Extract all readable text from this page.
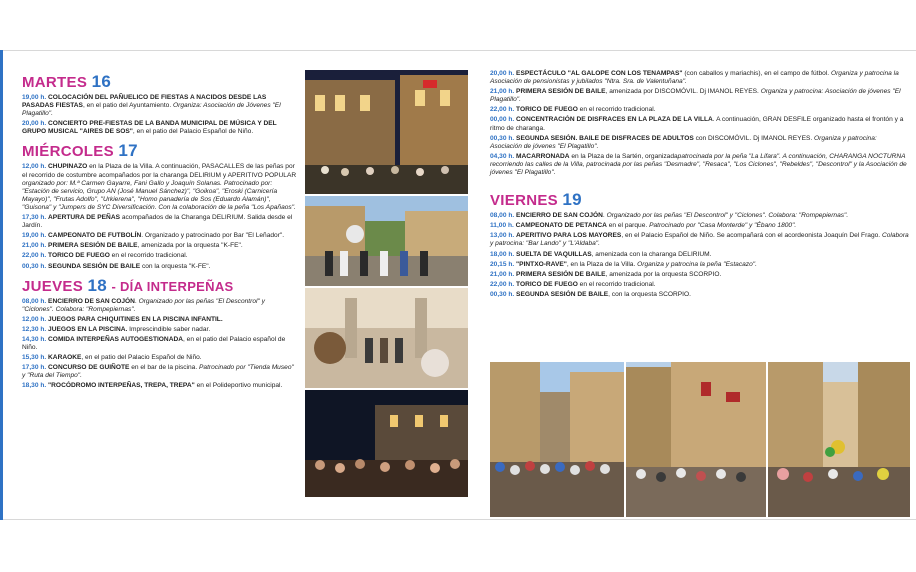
MARTES 16
19,00 h. COLOCACIÓN DEL PAÑUELICO DE FIESTAS A NACIDOS DESDE LAS PASADAS FIESTAS, en el patio del Ayuntamiento. Organiza: Asociación de Jóvenes "El Plagatillo".
20,00 h. CONCIERTO PRE-FIESTAS DE LA BANDA MUNICIPAL DE MÚSICA Y DEL GRUPO MUSICAL "AIRES DE SOS", en el patio del Palacio Español de Niño.
MIÉRCOLES 17
12,00 h. CHUPINAZO en la Plaza de la Villa. A continuación, PASACALLES de las peñas por el recorrido de costumbre acompañados por la charanga DELIRIUM y APERITIVO POPULAR organizado por: M.ª Carmen Gayarre, Fani Gallo y Joaquín Solanas. Patrocinado por: "Estación de servicio, Grupo AN (José Manuel Sánchez)", "Goikoa", "Eroski (Carnicería Mayayo)", "Frutas Adolfo", "Urkierena", "Homo panadería de Sos (Eduardo Alamán)", "Guisona" y "Jumpers de SYC Diversificación. Con la colaboración de la peña "Los Apañaos".
17,30 h. APERTURA DE PEÑAS acompañados de la Charanga DELIRIUM. Salida desde el Jardín.
19,00 h. CAMPEONATO DE FUTBOLÍN. Organizado y patrocinado por Bar "El Leñador".
21,00 h. PRIMERA SESIÓN DE BAILE, amenizada por la orquesta "K-FE".
22,00 h. TORICO DE FUEGO en el recorrido tradicional.
00,30 h. SEGUNDA SESIÓN DE BAILE con la orquesta "K-FE".
JUEVES 18 - DÍA INTERPEÑAS
08,00 h. ENCIERRO DE SAN COJÓN. Organizado por las peñas "El Descontrol" y "Ciclones". Colabora: "Rompepiernas".
12,00 h. JUEGOS PARA CHIQUITINES EN LA PISCINA INFANTIL.
12,30 h. JUEGOS EN LA PISCINA. Imprescindible saber nadar.
14,30 h. COMIDA INTERPEÑAS AUTOGESTIONADA, en el patio del Palacio español de Niño.
15,30 h. KARAOKE, en el patio del Palacio Español de Niño.
17,30 h. CONCURSO DE GUIÑOTE en el bar de la piscina. Patrocinado por "Tienda Museo" y "Ruta del Tiempo".
18,30 h. "ROCÓDROMO INTERPEÑAS, TREPA, TREPA" en el Polideportivo municipal.
20,00 h. ESPECTÁCULO "AL GALOPE CON LOS TENAMPAS" (con caballos y mariachis), en el campo de fútbol. Organiza y patrocina la Asociación de pensionistas y jubilados "Ntra. Sra. de Valentuñana".
21,00 h. PRIMERA SESIÓN DE BAILE, amenizada por DISCOMÓVIL. Dj IMANOL REYES. Organiza y patrocina: Asociación de jóvenes "El Plagatillo".
22,00 h. TORICO DE FUEGO en el recorrido tradicional.
00,00 h. CONCENTRACIÓN DE DISFRACES EN LA PLAZA DE LA VILLA. A continuación, GRAN DESFILE organizado hasta el frontón y a ritmo de charanga.
00,30 h. SEGUNDA SESIÓN. BAILE DE DISFRACES DE ADULTOS con DISCOMÓVIL. Dj IMANOL REYES. Organiza y patrocina: Asociación de jóvenes "El Plagatillo".
04,30 h. MACARRONADA en la Plaza de la Sartén, organizadapatrocinada por la peña "La Lifara". A continuación, CHARANGA NOCTURNA recorriendo las calles de la Villa, patrocinada por las peñas "Desmadre", "Resaca", "Los Ciclones", "Rebeldes", "Descontrol" y la Asociación de jóvenes "El Plagatillo".
VIERNES 19
08,00 h. ENCIERRO DE SAN COJÓN. Organizado por las peñas "El Descontrol" y "Ciclones". Colabora: "Rompepiernas".
11,00 h. CAMPEONATO DE PETANCA en el parque. Patrocinado por "Casa Monterde" y "Ébano 1800".
13,00 h. APERITIVO PARA LOS MAYORES, en el Palacio Español de Niño. Se acompañará con el acordeonista Joaquín Del Frago. Colabora y patrocina: "Bar Lando" y "L'Aldaba".
18,00 h. SUELTA DE VAQUILLAS, amenizada con la charanga DELIRIUM.
20,15 h. "PINTXO-RAVE", en la Plaza de la Villa. Organiza y patrocina la peña "Estacazo".
21,00 h. PRIMERA SESIÓN DE BAILE, amenizada por la orquesta SCORPIO.
22,00 h. TORICO DE FUEGO en el recorrido tradicional.
00,30 h. SEGUNDA SESIÓN DE BAILE, con la orquesta SCORPIO.
